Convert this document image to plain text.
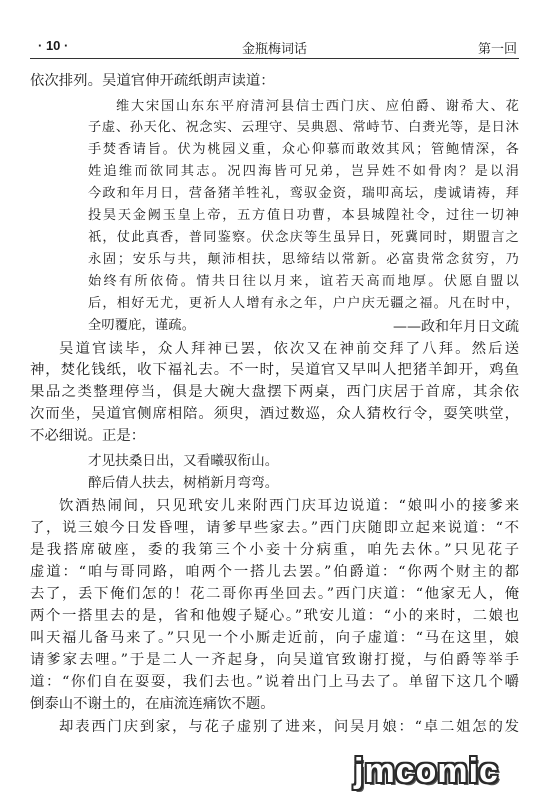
· 10 ·	金瓶梅词话	第一回
依次排列。吴道官伸开疏纸朗声读道：
维大宋国山东东平府清河县信士西门庆、应伯爵、谢希大、花
子虚、孙天化、祝念实、云理守、吴典恩、常峙节、白赉光等，是日沐
手焚香请旨。伏为桃园义重，众心仰慕而敢效其风；管鲍情深，各
姓追维而欲同其志。况四海皆可兄弟，岂异姓不如骨肉？是以涓
今政和年月日，营备猪羊牲礼，鸾驭金资，瑞叩高坛，虔诚请祷，拜
投昊天金阙玉皇上帝，五方值日功曹，本县城隍社令，过往一切神
祇，仗此真香，普同鉴察。伏念庆等生虽异日，死冀同时，期盟言之
永固；安乐与共，颠沛相扶，思缔结以常新。必富贵常念贫穷，乃
始终有所依倚。情共日往以月来，谊若天高而地厚。伏愿自盟以
后，相好无尤，更祈人人增有永之年，户户庆无疆之福。凡在时中，
全叨覆庇，谨疏。	——政和年月日文疏
吴道官读毕，众人拜神已罢，依次又在神前交拜了八拜。然后送
神，焚化钱纸，收下福礼去。不一时，吴道官又早叫人把猪羊卸开，鸡鱼
果品之类整理停当，俱是大碗大盘摆下两桌，西门庆居于首席，其余依
次而坐，吴道官侧席相陪。须臾，酒过数巡，众人猜枚行令，耍笑哄堂，
不必细说。正是：
才见扶桑日出，又看曦驭衔山。
醉后倩人扶去，树梢新月弯弯。
饮酒热闹间，只见玳安儿来附西门庆耳边说道：“娘叫小的接爹来
了，说三娘今日发昏哩，请爹早些家去。”西门庆随即立起来说道：“不
是我搭席破座，委的我第三个小妾十分病重，咱先去休。”只见花子
虚道：“咱与哥同路，咱两个一搭儿去罢。”伯爵道：“你两个财主的都
去了，丢下俺们怎的！花二哥你再坐回去。”西门庆道：“他家无人，俺
两个一搭里去的是，省和他嫂子疑心。”玳安儿道：“小的来时，二娘也
叫天福儿备马来了。”只见一个小厮走近前，向子虚道：“马在这里，娘
请爹家去哩。”于是二人一齐起身，向吴道官致谢打搅，与伯爵等举手
道：“你们自在耍耍，我们去也。”说着出门上马去了。单留下这几个嚼
倒泰山不谢土的，在庙流连痛饮不题。
却表西门庆到家，与花子虚别了进来，问吴月娘：“卓二姐怎的发
jmcomic
